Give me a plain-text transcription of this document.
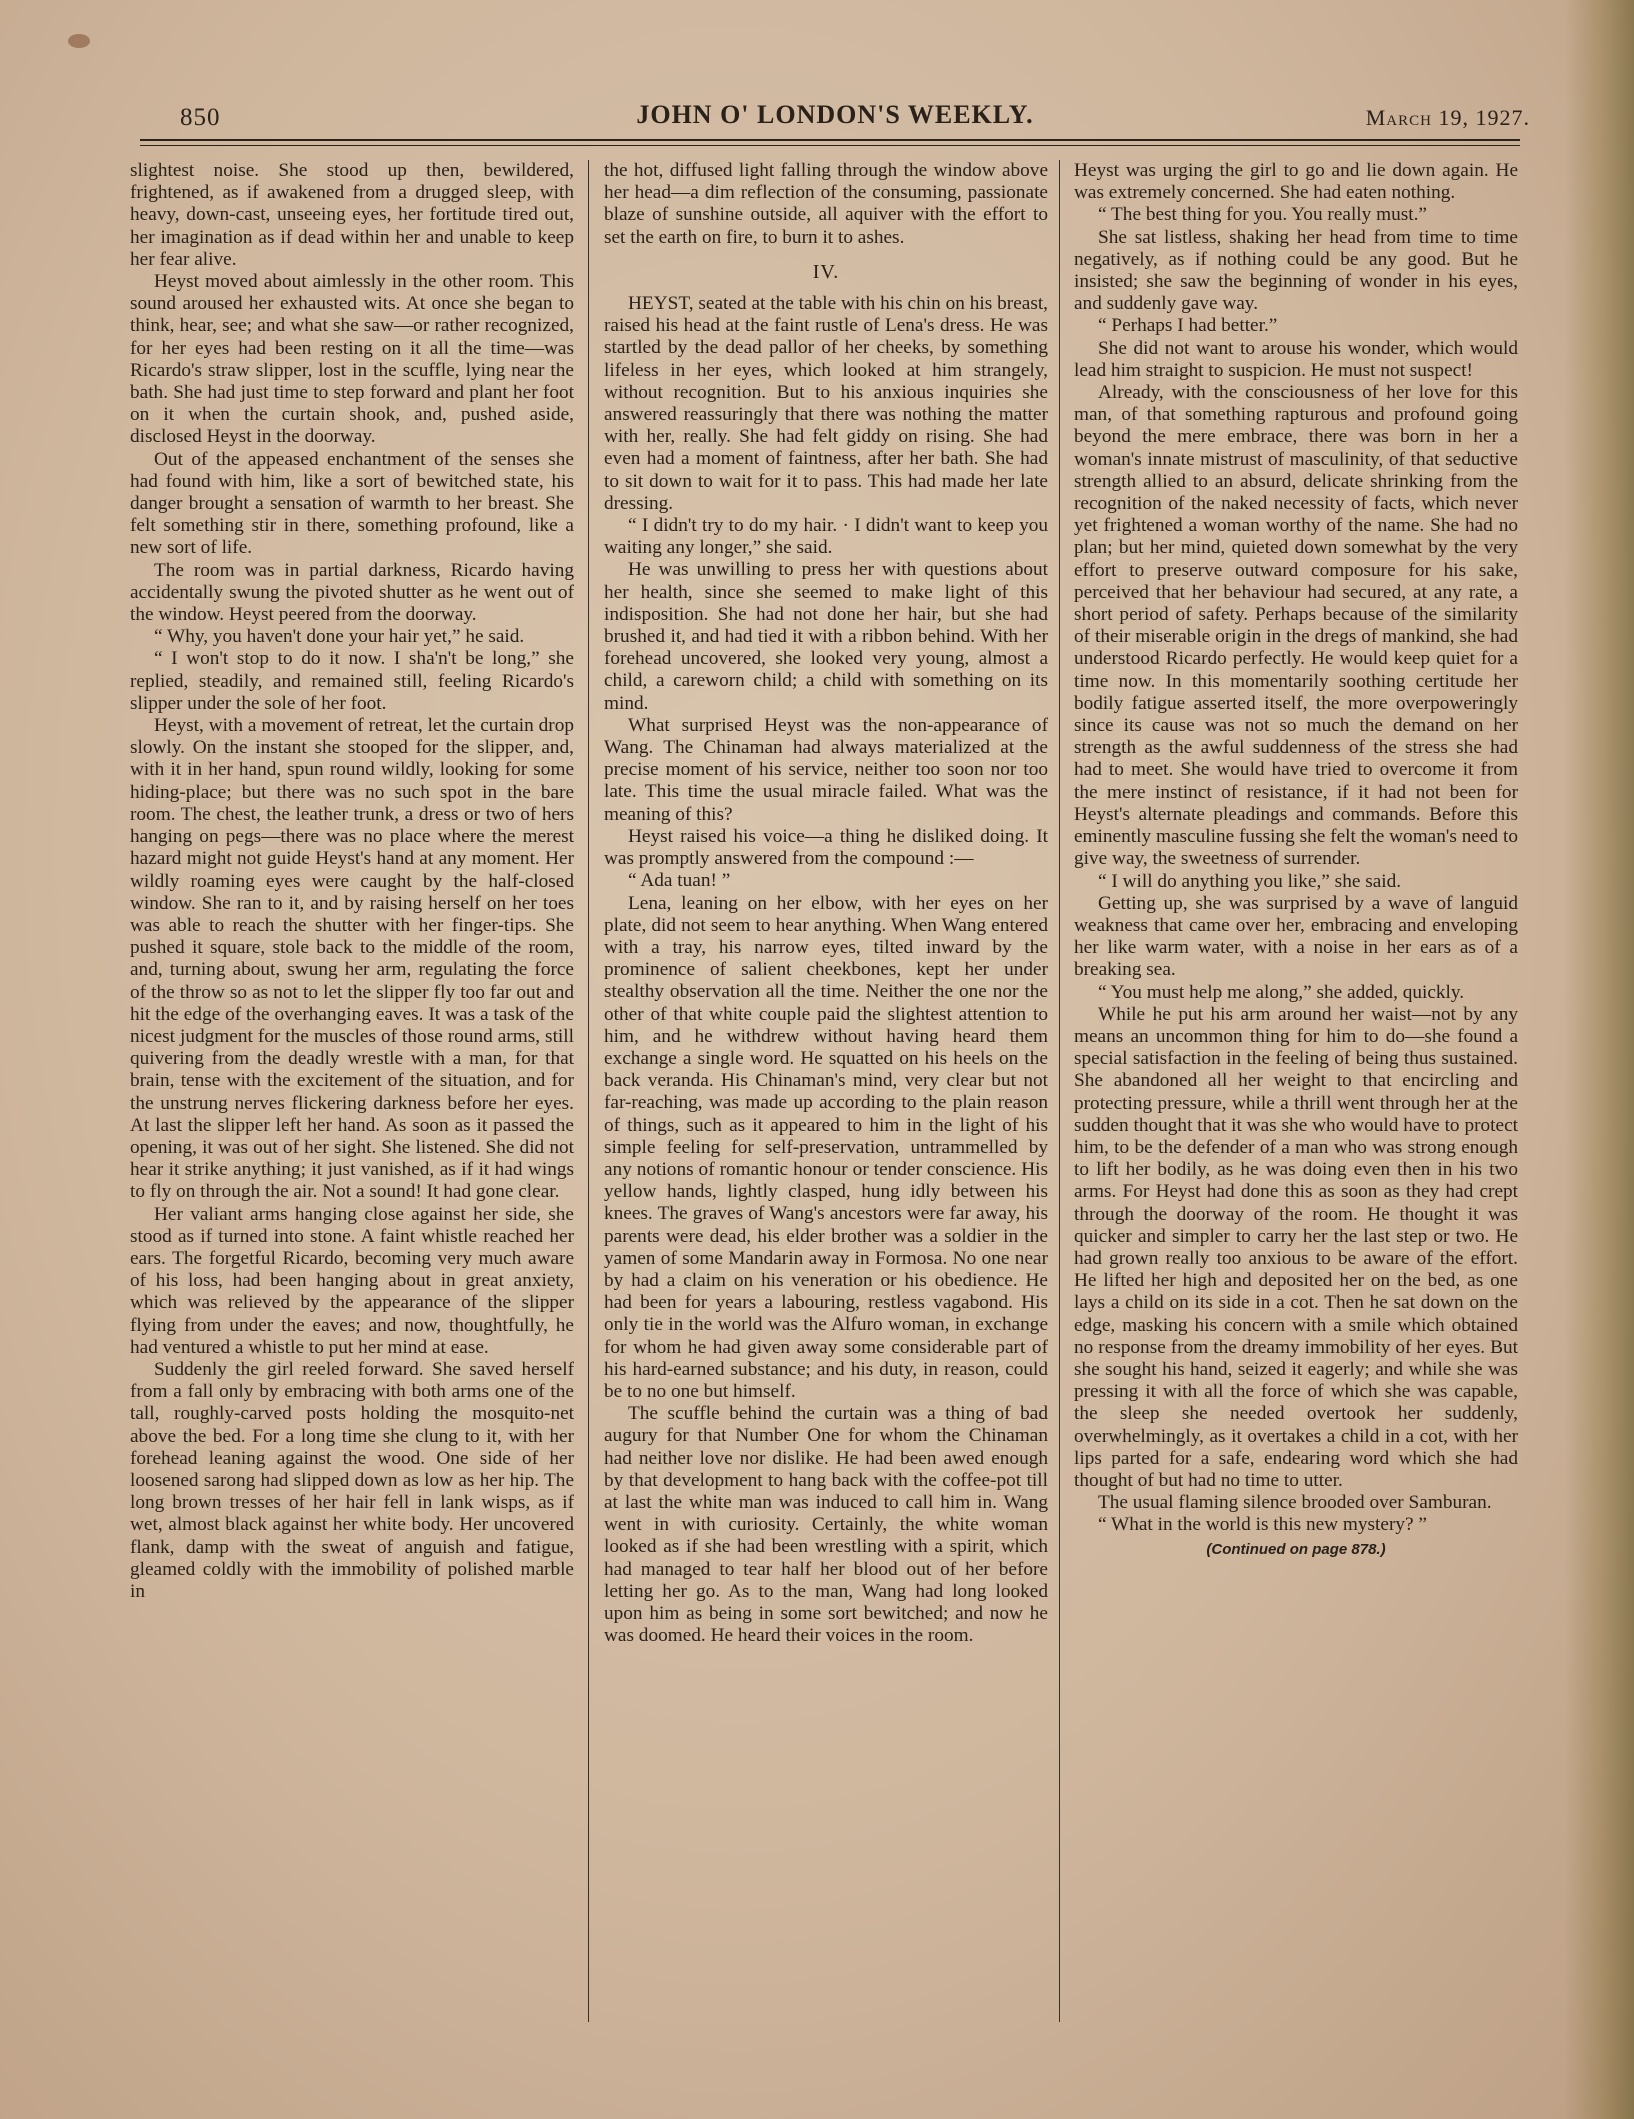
850	JOHN O' LONDON'S WEEKLY.	March 19, 1927.

slightest noise. She stood up then, bewildered, frightened, as if awakened from a drugged sleep, with heavy, down-cast, unseeing eyes, her fortitude tired out, her imagination as if dead within her and unable to keep her fear alive.

Heyst moved about aimlessly in the other room. This sound aroused her exhausted wits. At once she began to think, hear, see; and what she saw—or rather recognized, for her eyes had been resting on it all the time—was Ricardo's straw slipper, lost in the scuffle, lying near the bath. She had just time to step forward and plant her foot on it when the curtain shook, and, pushed aside, disclosed Heyst in the doorway.

Out of the appeased enchantment of the senses she had found with him, like a sort of bewitched state, his danger brought a sensation of warmth to her breast. She felt something stir in there, something profound, like a new sort of life.

The room was in partial darkness, Ricardo having accidentally swung the pivoted shutter as he went out of the window. Heyst peered from the doorway.

“ Why, you haven't done your hair yet,” he said.

“ I won't stop to do it now. I sha'n't be long,” she replied, steadily, and remained still, feeling Ricardo's slipper under the sole of her foot.

Heyst, with a movement of retreat, let the curtain drop slowly. On the instant she stooped for the slipper, and, with it in her hand, spun round wildly, looking for some hiding-place; but there was no such spot in the bare room. The chest, the leather trunk, a dress or two of hers hanging on pegs—there was no place where the merest hazard might not guide Heyst's hand at any moment. Her wildly roaming eyes were caught by the half-closed window. She ran to it, and by raising herself on her toes was able to reach the shutter with her finger-tips. She pushed it square, stole back to the middle of the room, and, turning about, swung her arm, regulating the force of the throw so as not to let the slipper fly too far out and hit the edge of the overhanging eaves. It was a task of the nicest judgment for the muscles of those round arms, still quivering from the deadly wrestle with a man, for that brain, tense with the excitement of the situation, and for the unstrung nerves flickering darkness before her eyes. At last the slipper left her hand. As soon as it passed the opening, it was out of her sight. She listened. She did not hear it strike anything; it just vanished, as if it had wings to fly on through the air. Not a sound! It had gone clear.

Her valiant arms hanging close against her side, she stood as if turned into stone. A faint whistle reached her ears. The forgetful Ricardo, becoming very much aware of his loss, had been hanging about in great anxiety, which was relieved by the appearance of the slipper flying from under the eaves; and now, thoughtfully, he had ventured a whistle to put her mind at ease.

Suddenly the girl reeled forward. She saved herself from a fall only by embracing with both arms one of the tall, roughly-carved posts holding the mosquito-net above the bed. For a long time she clung to it, with her forehead leaning against the wood. One side of her loosened sarong had slipped down as low as her hip. The long brown tresses of her hair fell in lank wisps, as if wet, almost black against her white body. Her uncovered flank, damp with the sweat of anguish and fatigue, gleamed coldly with the immobility of polished marble in

the hot, diffused light falling through the window above her head—a dim reflection of the consuming, passionate blaze of sunshine outside, all aquiver with the effort to set the earth on fire, to burn it to ashes.

IV.

HEYST, seated at the table with his chin on his breast, raised his head at the faint rustle of Lena's dress. He was startled by the dead pallor of her cheeks, by something lifeless in her eyes, which looked at him strangely, without recognition. But to his anxious inquiries she answered reassuringly that there was nothing the matter with her, really. She had felt giddy on rising. She had even had a moment of faintness, after her bath. She had to sit down to wait for it to pass. This had made her late dressing.

“ I didn't try to do my hair. · I didn't want to keep you waiting any longer,” she said.

He was unwilling to press her with questions about her health, since she seemed to make light of this indisposition. She had not done her hair, but she had brushed it, and had tied it with a ribbon behind. With her forehead uncovered, she looked very young, almost a child, a careworn child; a child with something on its mind.

What surprised Heyst was the non-appearance of Wang. The Chinaman had always materialized at the precise moment of his service, neither too soon nor too late. This time the usual miracle failed. What was the meaning of this?

Heyst raised his voice—a thing he disliked doing. It was promptly answered from the compound :—

“ Ada tuan! ”

Lena, leaning on her elbow, with her eyes on her plate, did not seem to hear anything. When Wang entered with a tray, his narrow eyes, tilted inward by the prominence of salient cheekbones, kept her under stealthy observation all the time. Neither the one nor the other of that white couple paid the slightest attention to him, and he withdrew without having heard them exchange a single word. He squatted on his heels on the back veranda. His Chinaman's mind, very clear but not far-reaching, was made up according to the plain reason of things, such as it appeared to him in the light of his simple feeling for self-preservation, untrammelled by any notions of romantic honour or tender conscience. His yellow hands, lightly clasped, hung idly between his knees. The graves of Wang's ancestors were far away, his parents were dead, his elder brother was a soldier in the yamen of some Mandarin away in Formosa. No one near by had a claim on his veneration or his obedience. He had been for years a labouring, restless vagabond. His only tie in the world was the Alfuro woman, in exchange for whom he had given away some considerable part of his hard-earned substance; and his duty, in reason, could be to no one but himself.

The scuffle behind the curtain was a thing of bad augury for that Number One for whom the Chinaman had neither love nor dislike. He had been awed enough by that development to hang back with the coffee-pot till at last the white man was induced to call him in. Wang went in with curiosity. Certainly, the white woman looked as if she had been wrestling with a spirit, which had managed to tear half her blood out of her before letting her go. As to the man, Wang had long looked upon him as being in some sort bewitched; and now he was doomed. He heard their voices in the room.

Heyst was urging the girl to go and lie down again. He was extremely concerned. She had eaten nothing.

“ The best thing for you. You really must.”

She sat listless, shaking her head from time to time negatively, as if nothing could be any good. But he insisted; she saw the beginning of wonder in his eyes, and suddenly gave way.

“ Perhaps I had better.”

She did not want to arouse his wonder, which would lead him straight to suspicion. He must not suspect!

Already, with the consciousness of her love for this man, of that something rapturous and profound going beyond the mere embrace, there was born in her a woman's innate mistrust of masculinity, of that seductive strength allied to an absurd, delicate shrinking from the recognition of the naked necessity of facts, which never yet frightened a woman worthy of the name. She had no plan; but her mind, quieted down somewhat by the very effort to preserve outward composure for his sake, perceived that her behaviour had secured, at any rate, a short period of safety. Perhaps because of the similarity of their miserable origin in the dregs of mankind, she had understood Ricardo perfectly. He would keep quiet for a time now. In this momentarily soothing certitude her bodily fatigue asserted itself, the more overpoweringly since its cause was not so much the demand on her strength as the awful suddenness of the stress she had had to meet. She would have tried to overcome it from the mere instinct of resistance, if it had not been for Heyst's alternate pleadings and commands. Before this eminently masculine fussing she felt the woman's need to give way, the sweetness of surrender.

“ I will do anything you like,” she said.

Getting up, she was surprised by a wave of languid weakness that came over her, embracing and enveloping her like warm water, with a noise in her ears as of a breaking sea.

“ You must help me along,” she added, quickly.

While he put his arm around her waist—not by any means an uncommon thing for him to do—she found a special satisfaction in the feeling of being thus sustained. She abandoned all her weight to that encircling and protecting pressure, while a thrill went through her at the sudden thought that it was she who would have to protect him, to be the defender of a man who was strong enough to lift her bodily, as he was doing even then in his two arms. For Heyst had done this as soon as they had crept through the doorway of the room. He thought it was quicker and simpler to carry her the last step or two. He had grown really too anxious to be aware of the effort. He lifted her high and deposited her on the bed, as one lays a child on its side in a cot. Then he sat down on the edge, masking his concern with a smile which obtained no response from the dreamy immobility of her eyes. But she sought his hand, seized it eagerly; and while she was pressing it with all the force of which she was capable, the sleep she needed overtook her suddenly, overwhelmingly, as it overtakes a child in a cot, with her lips parted for a safe, endearing word which she had thought of but had no time to utter.

The usual flaming silence brooded over Samburan.

“ What in the world is this new mystery? ”

(Continued on page 878.)
